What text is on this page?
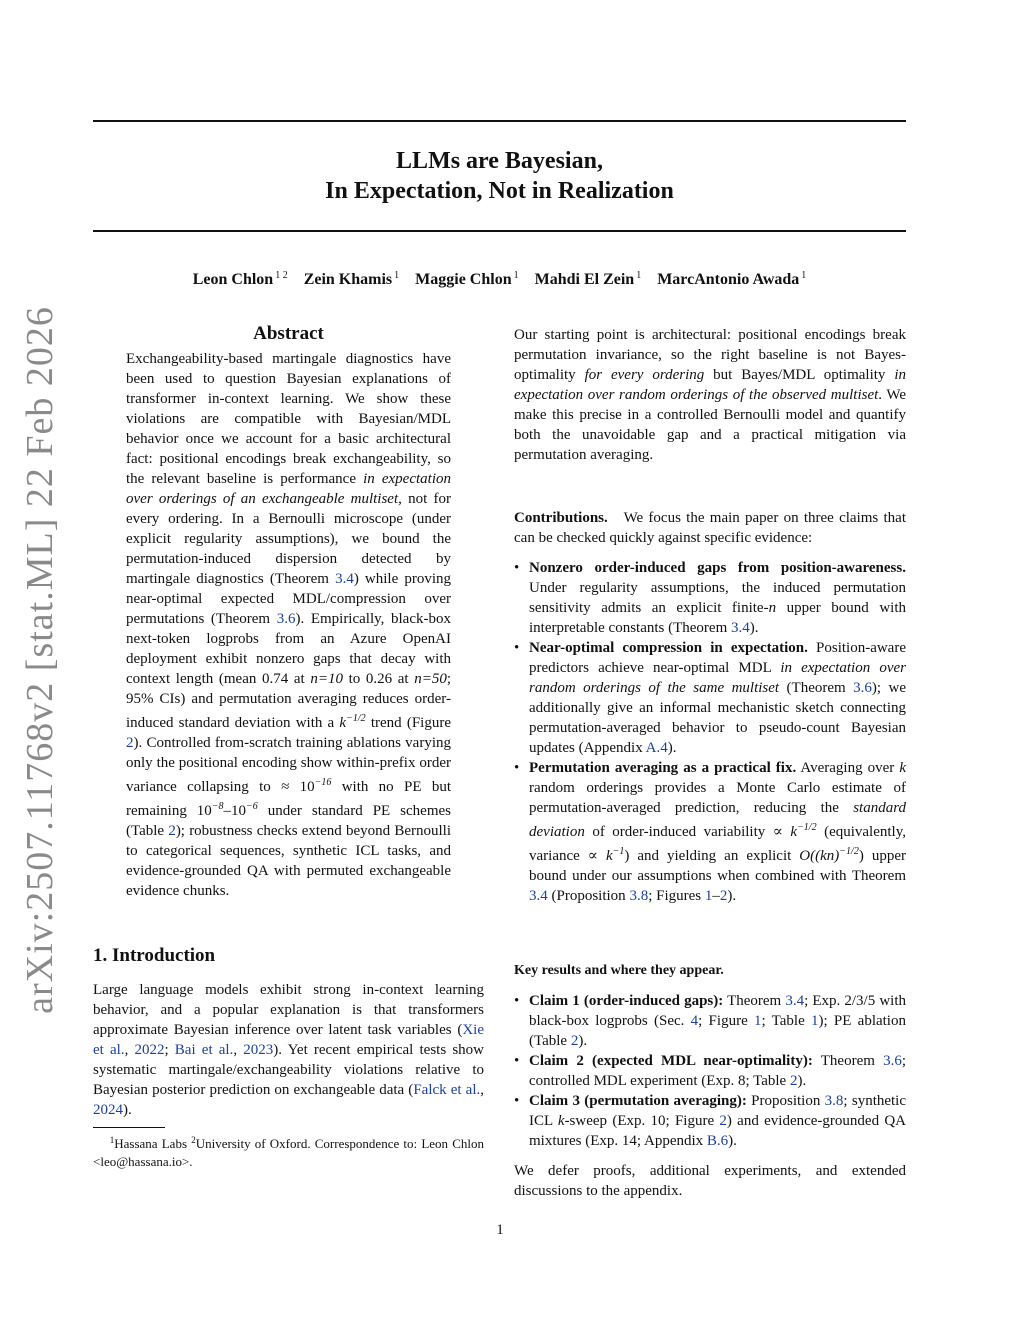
arXiv:2507.11768v2 [stat.ML] 22 Feb 2026
LLMs are Bayesian,
In Expectation, Not in Realization
Leon Chlon $^{1 2}$ Zein Khamis $^1$ Maggie Chlon $^1$ Mahdi El Zein $^1$ MarcAntonio Awada $^1$
Abstract
Exchangeability-based martingale diagnostics have been used to question Bayesian explanations of transformer in-context learning. We show these violations are compatible with Bayesian/MDL behavior once we account for a basic architectural fact: positional encodings break exchangeability, so the relevant baseline is performance in expectation over orderings of an exchangeable multiset, not for every ordering. In a Bernoulli microscope (under explicit regularity assumptions), we bound the permutation-induced dispersion detected by martingale diagnostics (Theorem 3.4) while proving near-optimal expected MDL/compression over permutations (Theorem 3.6). Empirically, black-box next-token logprobs from an Azure OpenAI deployment exhibit nonzero gaps that decay with context length (mean 0.74 at n=10 to 0.26 at n=50; 95% CIs) and permutation averaging reduces order-induced standard deviation with a $k^{-1/2}$ trend (Figure 2). Controlled from-scratch training ablations varying only the positional encoding show within-prefix order variance collapsing to ≈ $10^{-16}$ with no PE but remaining $10^{-8}-10^{-6}$ under standard PE schemes (Table 2); robustness checks extend beyond Bernoulli to categorical sequences, synthetic ICL tasks, and evidence-grounded QA with permuted exchangeable evidence chunks.
1. Introduction
Large language models exhibit strong in-context learning behavior, and a popular explanation is that transformers approximate Bayesian inference over latent task variables (Xie et al., 2022; Bai et al., 2023). Yet recent empirical tests show systematic martingale/exchangeability violations relative to Bayesian posterior prediction on exchangeable data (Falck et al., 2024).
$^1$Hassana Labs $^2$University of Oxford. Correspondence to: Leon Chlon <leo@hassana.io>.
Our starting point is architectural: positional encodings break permutation invariance, so the right baseline is not Bayes-optimality for every ordering but Bayes/MDL optimality in expectation over random orderings of the observed multiset. We make this precise in a controlled Bernoulli model and quantify both the unavoidable gap and a practical mitigation via permutation averaging.
Contributions. We focus the main paper on three claims that can be checked quickly against specific evidence:
• Nonzero order-induced gaps from position-awareness. Under regularity assumptions, the induced permutation sensitivity admits an explicit finite-n upper bound with interpretable constants (Theorem 3.4).
• Near-optimal compression in expectation. Position-aware predictors achieve near-optimal MDL in expectation over random orderings of the same multiset (Theorem 3.6); we additionally give an informal mechanistic sketch connecting permutation-averaged behavior to pseudo-count Bayesian updates (Appendix A.4).
• Permutation averaging as a practical fix. Averaging over k random orderings provides a Monte Carlo estimate of permutation-averaged prediction, reducing the standard deviation of order-induced variability ∝ $k^{-1/2}$ (equivalently, variance ∝ $k^{-1}$) and yielding an explicit O((kn)$^{-1/2}$) upper bound under our assumptions when combined with Theorem 3.4 (Proposition 3.8; Figures 1–2).
Key results and where they appear.
• Claim 1 (order-induced gaps): Theorem 3.4; Exp. 2/3/5 with black-box logprobs (Sec. 4; Figure 1; Table 1); PE ablation (Table 2).
• Claim 2 (expected MDL near-optimality): Theorem 3.6; controlled MDL experiment (Exp. 8; Table 2).
• Claim 3 (permutation averaging): Proposition 3.8; synthetic ICL k-sweep (Exp. 10; Figure 2) and evidence-grounded QA mixtures (Exp. 14; Appendix B.6).
We defer proofs, additional experiments, and extended discussions to the appendix.
1
